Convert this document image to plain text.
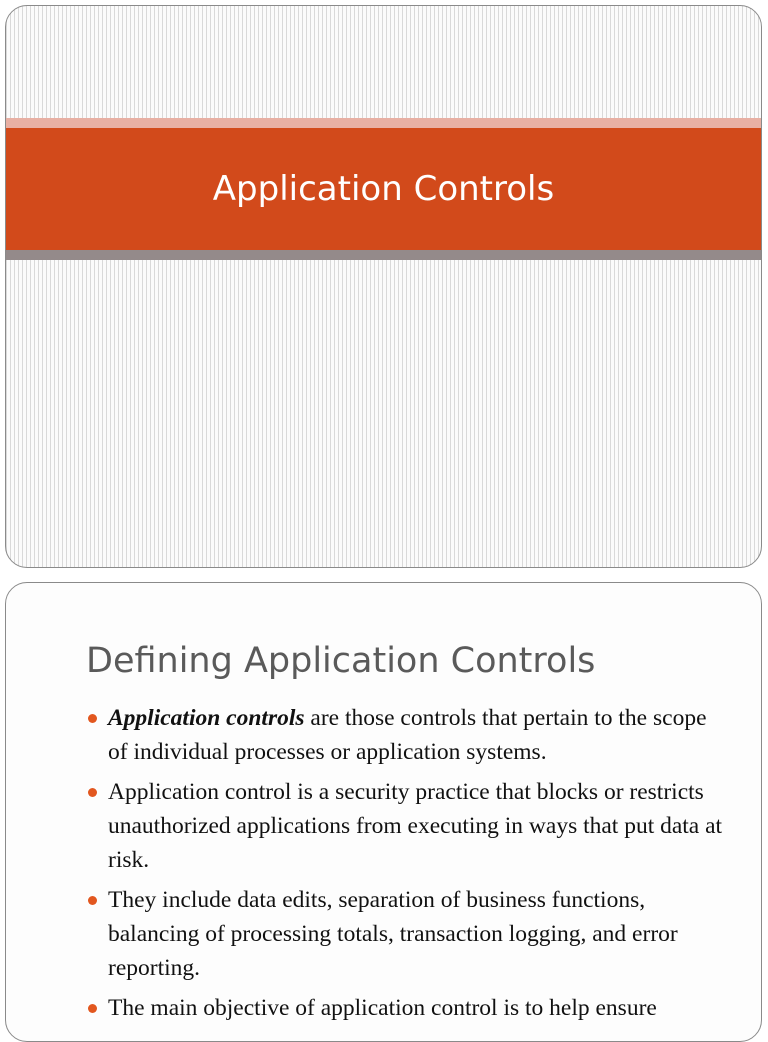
Application Controls
Defining Application Controls
Application controls are those controls that pertain to the scope of individual processes or application systems.
Application control is a security practice that blocks or restricts unauthorized applications from executing in ways that put data at risk.
They include data edits, separation of business functions, balancing of processing totals, transaction logging, and error reporting.
The main objective of application control is to help ensure
